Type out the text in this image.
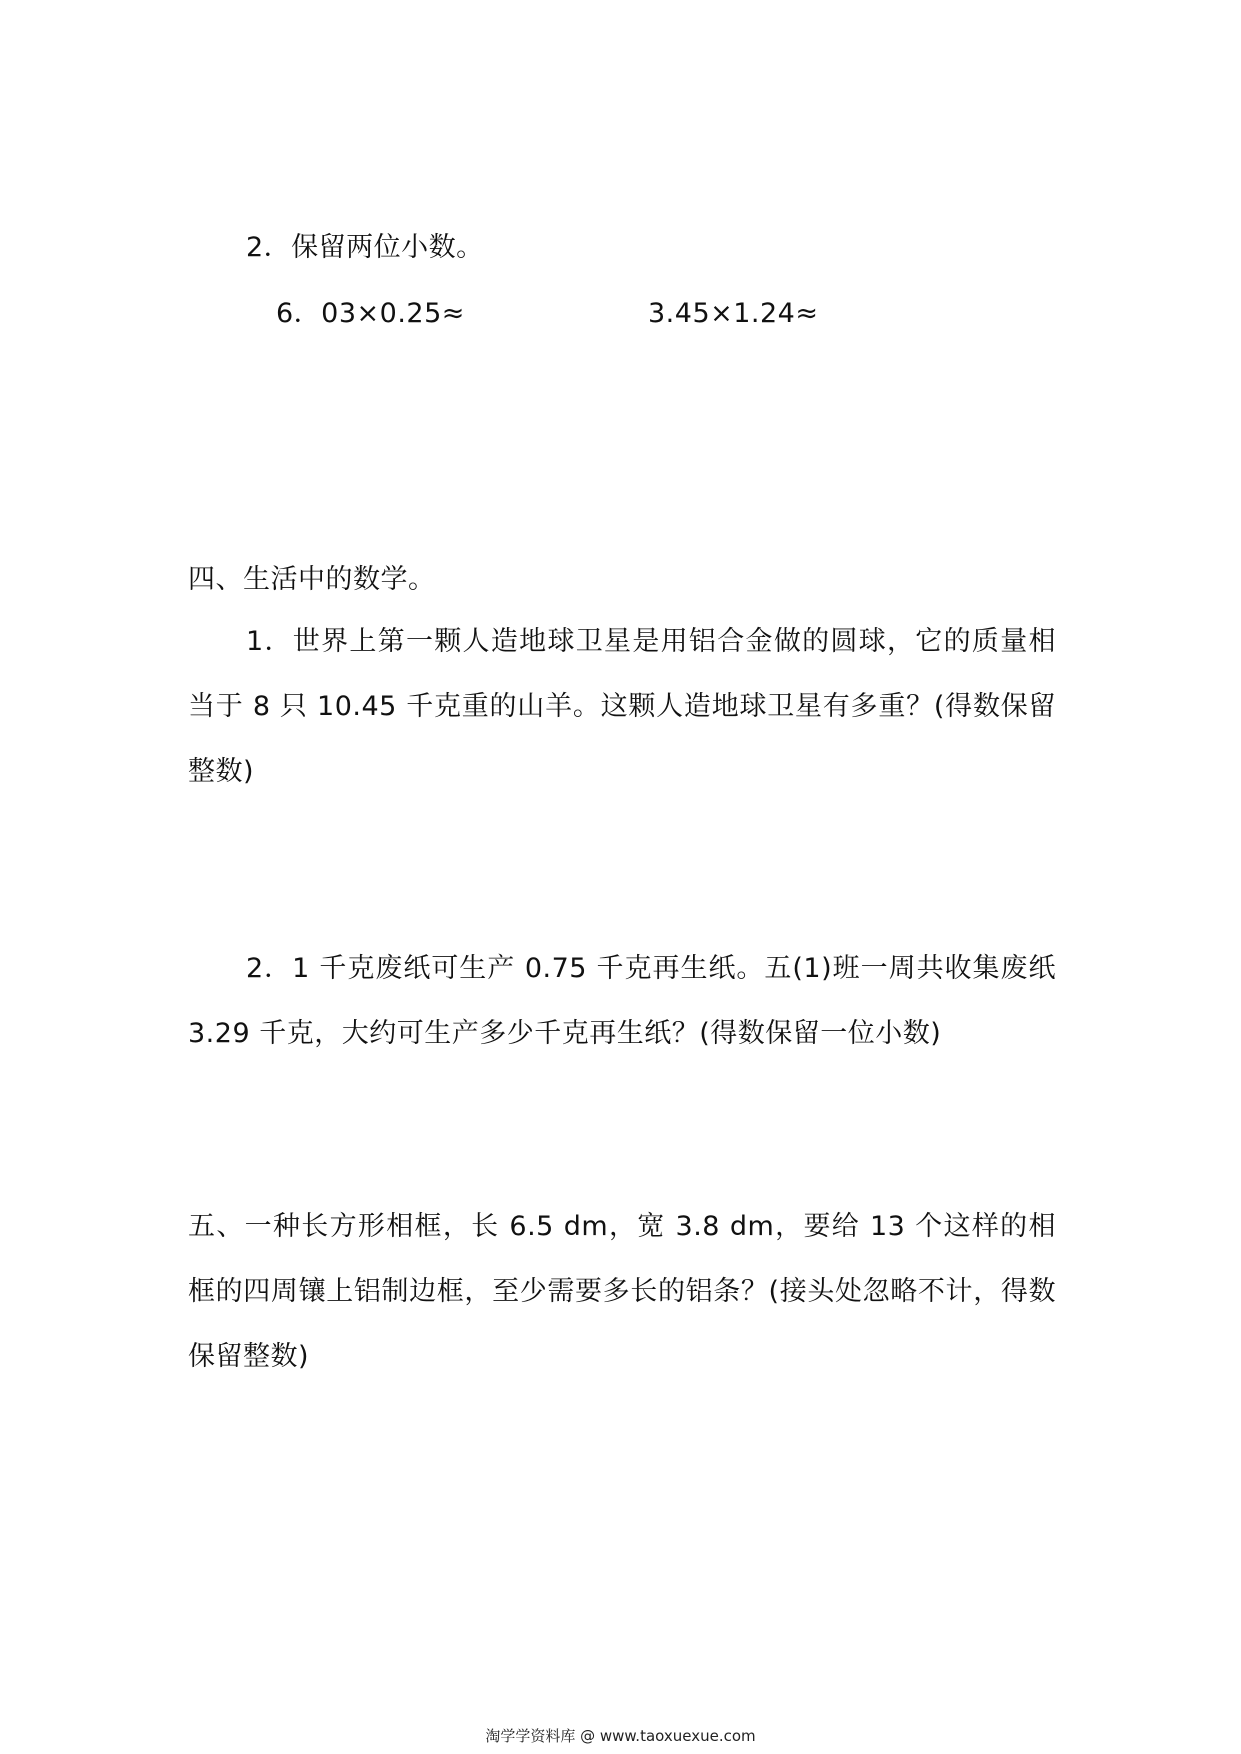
2．保留两位小数。
6．03×0.25≈	3.45×1.24≈
四、生活中的数学。
1．世界上第一颗人造地球卫星是用铝合金做的圆球，它的质量相当于 8 只 10.45 千克重的山羊。这颗人造地球卫星有多重？(得数保留整数)
2．1 千克废纸可生产 0.75 千克再生纸。五(1)班一周共收集废纸 3.29 千克，大约可生产多少千克再生纸？(得数保留一位小数)
五、一种长方形相框，长 6.5 dm，宽 3.8 dm，要给 13 个这样的相框的四周镶上铝制边框，至少需要多长的铝条？(接头处忽略不计，得数保留整数)
淘学学资料库 @ www.taoxuexue.com
